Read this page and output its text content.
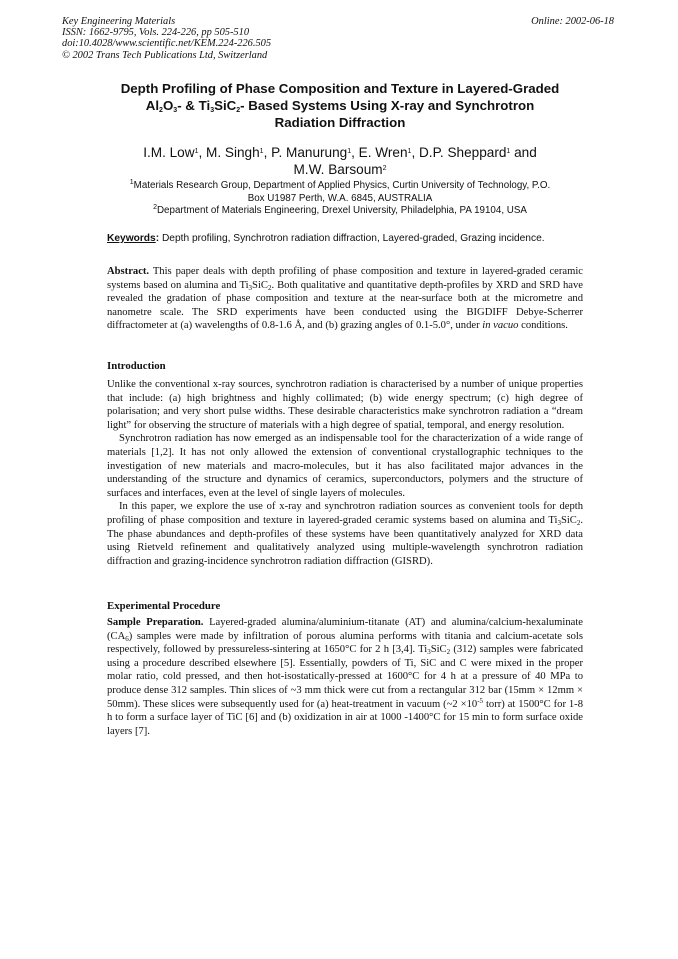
Key Engineering Materials
ISSN: 1662-9795, Vols. 224-226, pp 505-510
doi:10.4028/www.scientific.net/KEM.224-226.505
© 2002 Trans Tech Publications Ltd, Switzerland
Online: 2002-06-18
Depth Profiling of Phase Composition and Texture in Layered-Graded
$Al_2O_3-$ & $Ti_3SiC_2-$ Based Systems Using X-ray and Synchrotron
Radiation Diffraction
I.M. Low$^1$, M. Singh$^1$, P. Manurung$^1$, E. Wren$^1$, D.P. Sheppard$^1$ and
M.W. Barsoum$^2$
$^1$Materials Research Group, Department of Applied Physics, Curtin University of Technology, P.O.
Box U1987 Perth, W.A. 6845, AUSTRALIA
$^2$Department of Materials Engineering, Drexel University, Philadelphia, PA 19104, USA
Keywords: Depth profiling, Synchrotron radiation diffraction, Layered-graded, Grazing incidence.

Abstract. This paper deals with depth profiling of phase composition and texture in layered-graded ceramic systems based on alumina and $Ti_3SiC_2$. Both qualitative and quantitative depth-profiles by XRD and SRD have revealed the gradation of phase composition and texture at the near-surface both at the micrometre and nanometre scale. The SRD experiments have been conducted using the BIGDIFF Debye-Scherrer diffractometer at (a) wavelengths of 0.8-1.6 Å, and (b) grazing angles of 0.1-5.0°, under in vacuo conditions.

Introduction

Unlike the conventional x-ray sources, synchrotron radiation is characterised by a number of unique properties that include: (a) high brightness and highly collimated; (b) wide energy spectrum; (c) high degree of polarisation; and very short pulse widths. These desirable characteristics make synchrotron radiation a “dream light” for observing the structure of materials with a high degree of spatial, temporal, and energy resolution.

Synchrotron radiation has now emerged as an indispensable tool for the characterization of a wide range of materials [1,2]. It has not only allowed the extension of conventional crystallographic techniques to the investigation of new materials and macro-molecules, but it has also facilitated major advances in the understanding of the structure and dynamics of ceramics, superconductors, polymers and the structure of surfaces and interfaces, even at the level of single layers of molecules.

In this paper, we explore the use of x-ray and synchrotron radiation sources as convenient tools for depth profiling of phase composition and texture in layered-graded ceramic systems based on alumina and $Ti_3SiC_2$. The phase abundances and depth-profiles of these systems have been quantitatively analyzed for XRD data using Rietveld refinement and qualitatively analyzed using multiple-wavelength synchrotron radiation diffraction and grazing-incidence synchrotron radiation diffraction (GISRD).

Experimental Procedure

Sample Preparation. Layered-graded alumina/aluminium-titanate (AT) and alumina/calcium-hexaluminate $(CA_6)$ samples were made by infiltration of porous alumina performs with titania and calcium-acetate sols respectively, followed by pressureless-sintering at 1650°C for 2 h [3,4]. $Ti_3SiC_2$ (312) samples were fabricated using a procedure described elsewhere [5]. Essentially, powders of Ti, SiC and C were mixed in the proper molar ratio, cold pressed, and then hot-isostatically-pressed at 1600°C for 4 h at a pressure of 40 MPa to produce dense 312 samples. Thin slices of ~3 mm thick were cut from a rectangular 312 bar (15mm × 12mm × 50mm). These slices were subsequently used for (a) heat-treatment in vacuum (~2 $\times 10^{-5}$ torr) at 1500°C for 1-8 h to form a surface layer of TiC [6] and (b) oxidization in air at 1000 -1400°C for 15 min to form surface oxide layers [7].
